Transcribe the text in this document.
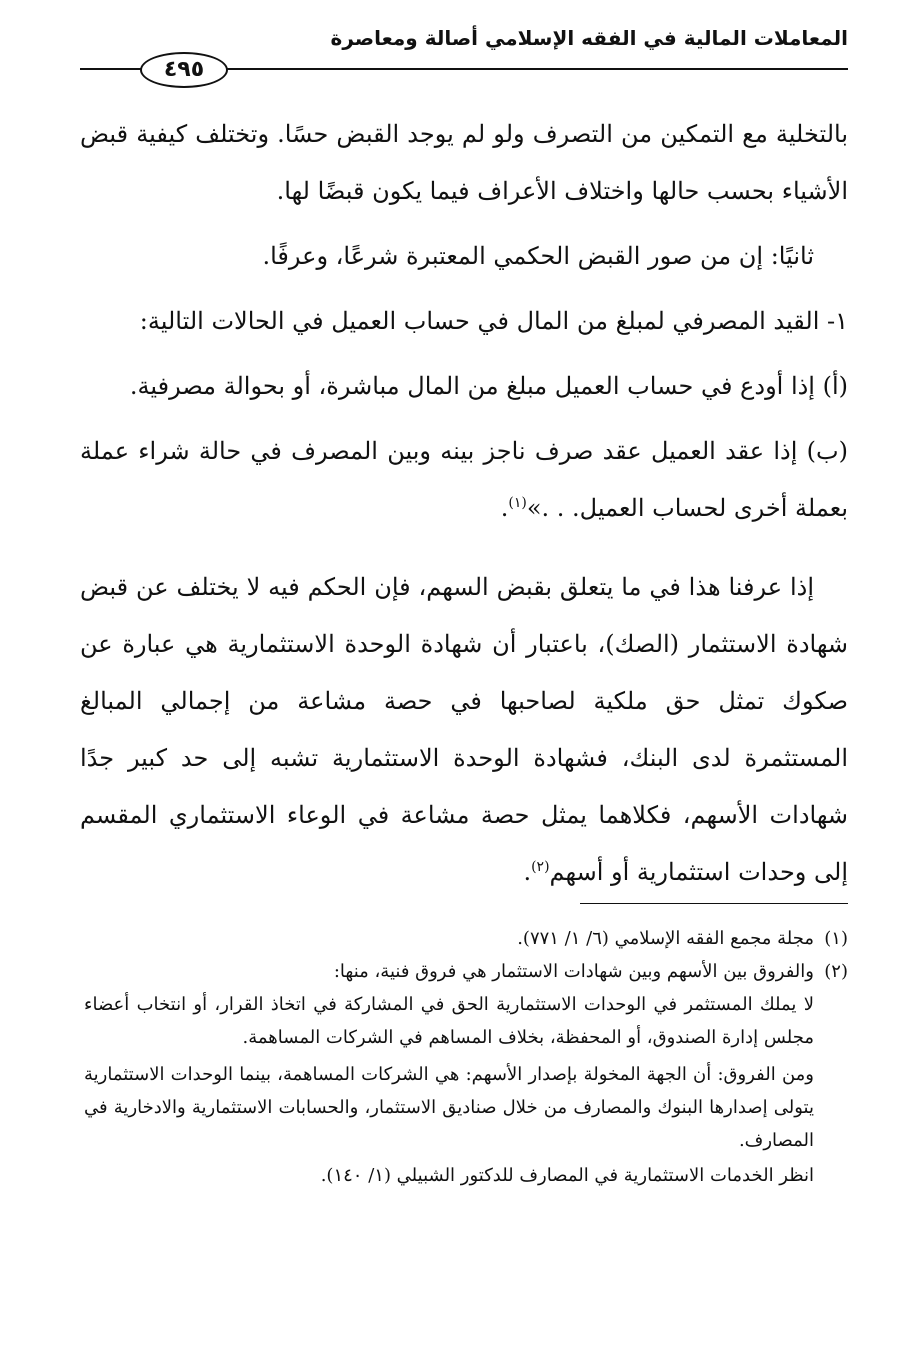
المعاملات المالية في الفقه الإسلامي أصالة ومعاصرة
٤٩٥

بالتخلية مع التمكين من التصرف ولو لم يوجد القبض حسًا. وتختلف كيفية قبض الأشياء بحسب حالها واختلاف الأعراف فيما يكون قبضًا لها.

ثانيًا: إن من صور القبض الحكمي المعتبرة شرعًا، وعرفًا.

١- القيد المصرفي لمبلغ من المال في حساب العميل في الحالات التالية:

(أ) إذا أودع في حساب العميل مبلغ من المال مباشرة، أو بحوالة مصرفية.

(ب) إذا عقد العميل عقد صرف ناجز بينه وبين المصرف في حالة شراء عملة بعملة أخرى لحساب العميل. . .»$^{(١)}$.

إذا عرفنا هذا في ما يتعلق بقبض السهم، فإن الحكم فيه لا يختلف عن قبض شهادة الاستثمار (الصك)، باعتبار أن شهادة الوحدة الاستثمارية هي عبارة عن صكوك تمثل حق ملكية لصاحبها في حصة مشاعة من إجمالي المبالغ المستثمرة لدى البنك، فشهادة الوحدة الاستثمارية تشبه إلى حد كبير جدًا شهادات الأسهم، فكلاهما يمثل حصة مشاعة في الوعاء الاستثماري المقسم إلى وحدات استثمارية أو أسهم$^{(٢)}$.

(١)

مجلة مجمع الفقه الإسلامي (٦/ ١/ ٧٧١).

(٢)

والفروق بين الأسهم وبين شهادات الاستثمار هي فروق فنية، منها:

لا يملك المستثمر في الوحدات الاستثمارية الحق في المشاركة في اتخاذ القرار، أو انتخاب أعضاء مجلس إدارة الصندوق، أو المحفظة، بخلاف المساهم في الشركات المساهمة.

ومن الفروق: أن الجهة المخولة بإصدار الأسهم: هي الشركات المساهمة، بينما الوحدات الاستثمارية يتولى إصدارها البنوك والمصارف من خلال صناديق الاستثمار، والحسابات الاستثمارية والادخارية في المصارف.

انظر الخدمات الاستثمارية في المصارف للدكتور الشبيلي (١/ ١٤٠).
